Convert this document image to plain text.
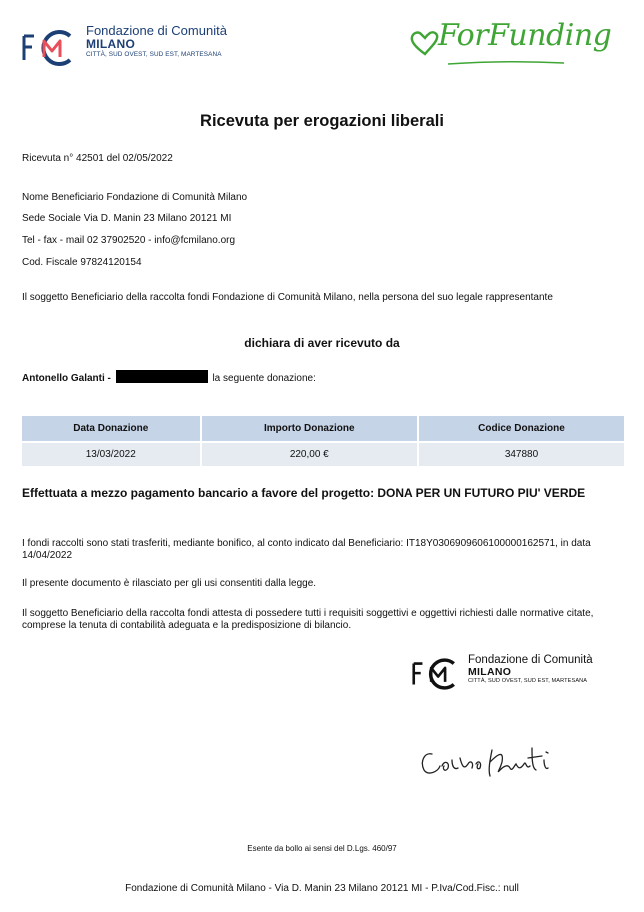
Fondazione di Comunità
MILANO
CITTÀ, SUD OVEST, SUD EST, MARTESANA
ForFunding
Ricevuta per erogazioni liberali
Ricevuta n° 42501 del 02/05/2022
Nome Beneficiario Fondazione di Comunità Milano
Sede Sociale Via D. Manin 23 Milano 20121 MI
Tel - fax - mail 02 37902520 - info@fcmilano.org
Cod. Fiscale 97824120154
Il soggetto Beneficiario della raccolta fondi Fondazione di Comunità Milano, nella persona del suo legale rappresentante
dichiara di aver ricevuto da
Antonello Galanti -	la seguente donazione:
Data Donazione	Importo Donazione	Codice Donazione
13/03/2022	220,00 €	347880
Effettuata a mezzo pagamento bancario a favore del progetto: DONA PER UN FUTURO PIU' VERDE
I fondi raccolti sono stati trasferiti, mediante bonifico, al conto indicato dal Beneficiario: IT18Y0306909606100000162571, in data 14/04/2022
Il presente documento è rilasciato per gli usi consentiti dalla legge.
Il soggetto Beneficiario della raccolta fondi attesta di possedere tutti i requisiti soggettivi e oggettivi richiesti dalle normative citate, comprese la tenuta di contabilità adeguata e la predisposizione di bilancio.
Fondazione di Comunità
MILANO
CITTÀ, SUD OVEST, SUD EST, MARTESANA
Esente da bollo ai sensi del D.Lgs. 460/97
Fondazione di Comunità Milano - Via D. Manin 23 Milano 20121 MI - P.Iva/Cod.Fisc.: null
